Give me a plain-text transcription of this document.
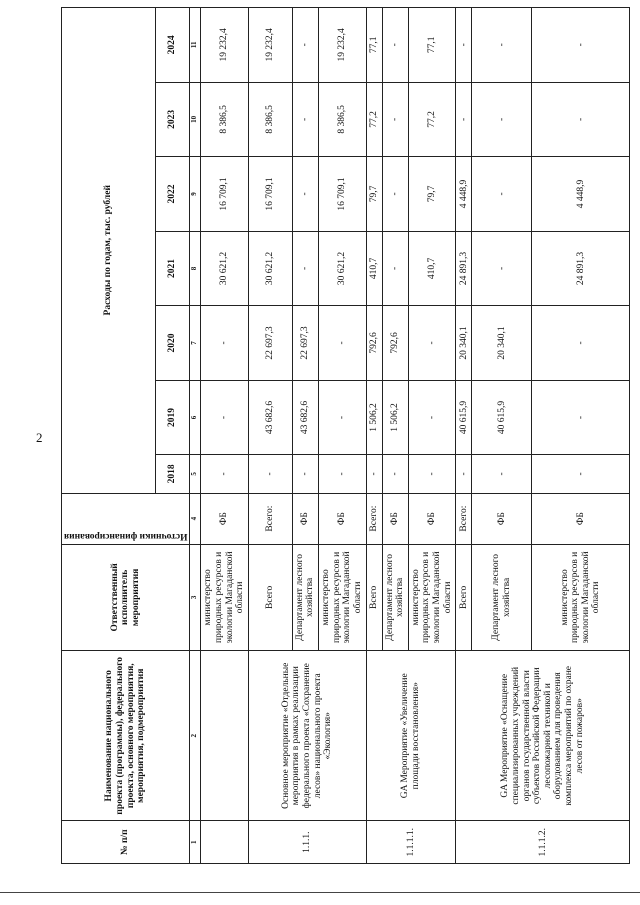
2
№ п/п	Наименование национального проекта (программы), федерального проекта, основного мероприятия, мероприятия, подмероприятия	Ответственный исполнитель мероприятия	Источники финансирования	Расходы по годам, тыс. рублей						
				2018	2019	2020	2021	2022	2023	2024
1	2	3	4	5	6	7	8	9	10	11
		министерство природных ресурсов и экологии Магаданской области	ФБ	-	-	-	30 621,2	16 709,1	8 386,5	19 232,4
1.1.1.	Основное мероприятие «Отдельные мероприятия в рамках реализации федерального проекта «Сохранение лесов» национального проекта «Экология»	Всего	Всего:	-	43 682,6	22 697,3	30 621,2	16 709,1	8 386,5	19 232,4
		Департамент лесного хозяйства	ФБ	-	43 682,6	22 697,3	-	-	-	-
		министерство природных ресурсов и экологии Магаданской области	ФБ	-	-	-	30 621,2	16 709,1	8 386,5	19 232,4
1.1.1.1.	GA Мероприятие «Увеличение площади восстановления»	Всего	Всего:	-	1 506,2	792,6	410,7	79,7	77,2	77,1
		Департамент лесного хозяйства	ФБ	-	1 506,2	792,6	-	-	-	-
		министерство природных ресурсов и экологии Магаданской области	ФБ	-	-	-	410,7	79,7	77,2	77,1
1.1.1.2.	GA Мероприятие «Оснащение специализированных учреждений органов государственной власти субъектов Российской Федерации лесопожарной техникой и оборудованием для проведения комплекса мероприятий по охране лесов от пожаров»	Всего	Всего:	-	40 615,9	20 340,1	24 891,3	4 448,9	-	-
		Департамент лесного хозяйства	ФБ	-	40 615,9	20 340,1	-	-	-	-
		министерство природных ресурсов и экологии Магаданской области	ФБ	-	-	-	24 891,3	4 448,9	-	-
